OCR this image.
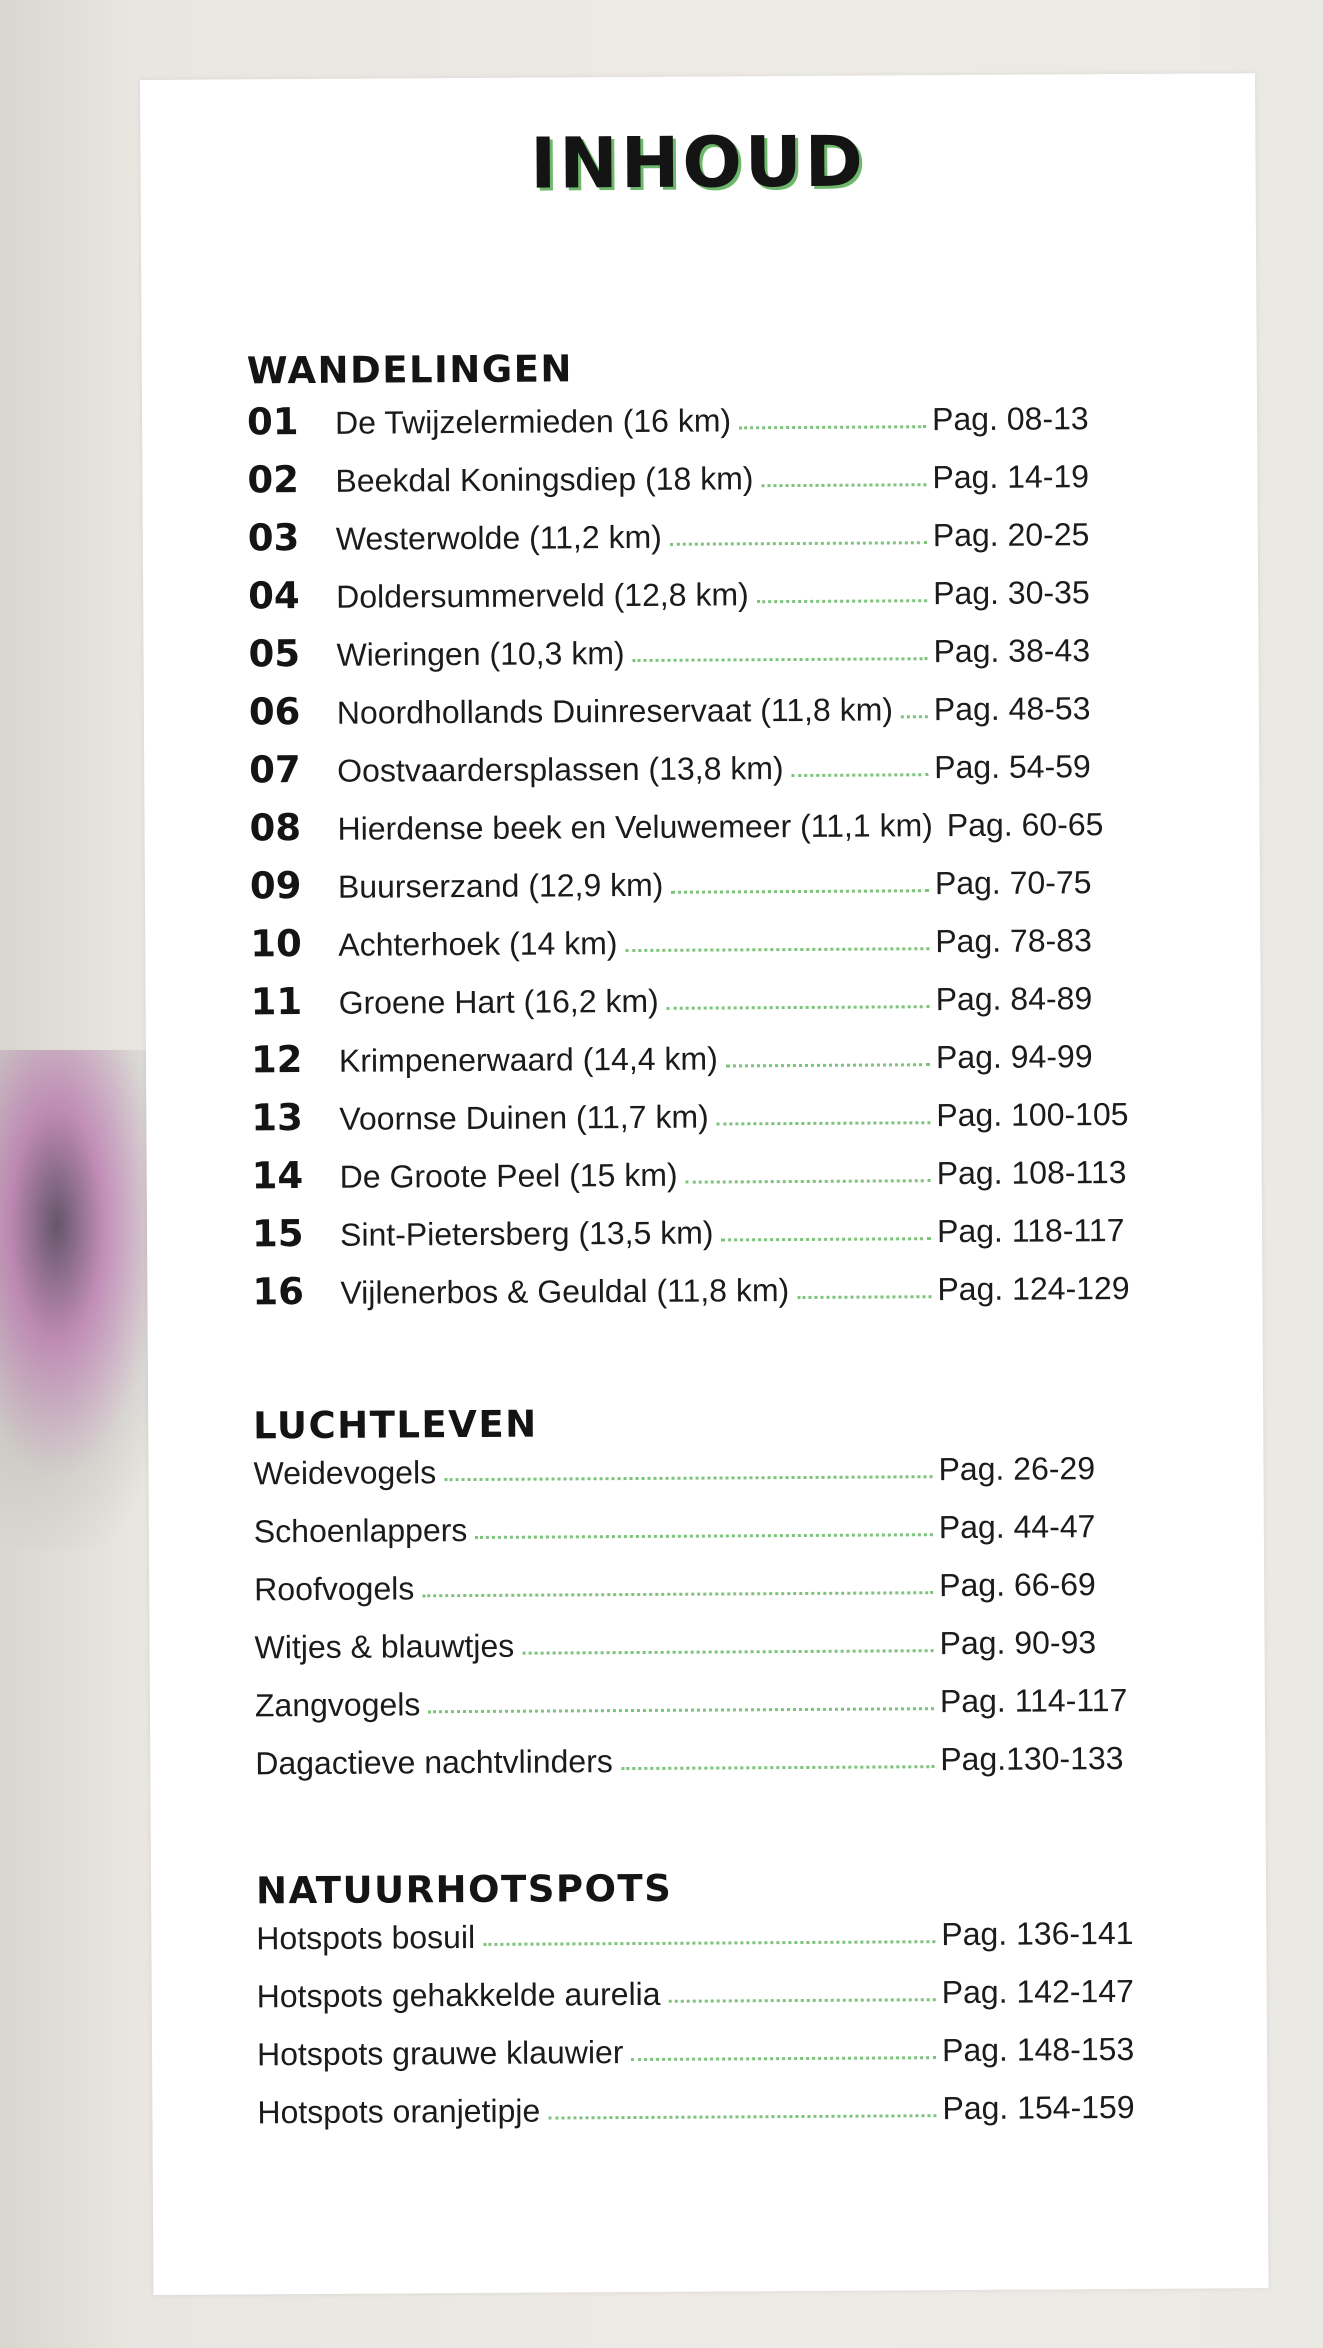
INHOUD
WANDELINGEN
01	De Twijzelermieden (16 km)	Pag. 08-13
02	Beekdal Koningsdiep (18 km)	Pag. 14-19
03	Westerwolde (11,2 km)	Pag. 20-25
04	Doldersummerveld (12,8 km)	Pag. 30-35
05	Wieringen (10,3 km)	Pag. 38-43
06	Noordhollands Duinreservaat (11,8 km) Pag. 48-53
07	Oostvaardersplassen (13,8 km)	Pag. 54-59
08	Hierdense beek en Veluwemeer (11,1 km) Pag. 60-65
09	Buurserzand (12,9 km)	Pag. 70-75
10	Achterhoek (14 km)	Pag. 78-83
11	Groene Hart (16,2 km)	Pag. 84-89
12	Krimpenerwaard (14,4 km)	Pag. 94-99
13	Voornse Duinen (11,7 km)	Pag. 100-105
14	De Groote Peel (15 km)	Pag. 108-113
15	Sint-Pietersberg (13,5 km)	Pag. 118-117
16	Vijlenerbos & Geuldal (11,8 km)	Pag. 124-129
LUCHTLEVEN
Weidevogels	Pag. 26-29
Schoenlappers	Pag. 44-47
Roofvogels	Pag. 66-69
Witjes & blauwtjes	Pag. 90-93
Zangvogels	Pag. 114-117
Dagactieve nachtvlinders	Pag.130-133
NATUURHOTSPOTS
Hotspots bosuil	Pag. 136-141
Hotspots gehakkelde aurelia	Pag. 142-147
Hotspots grauwe klauwier	Pag. 148-153
Hotspots oranjetipje	Pag. 154-159
